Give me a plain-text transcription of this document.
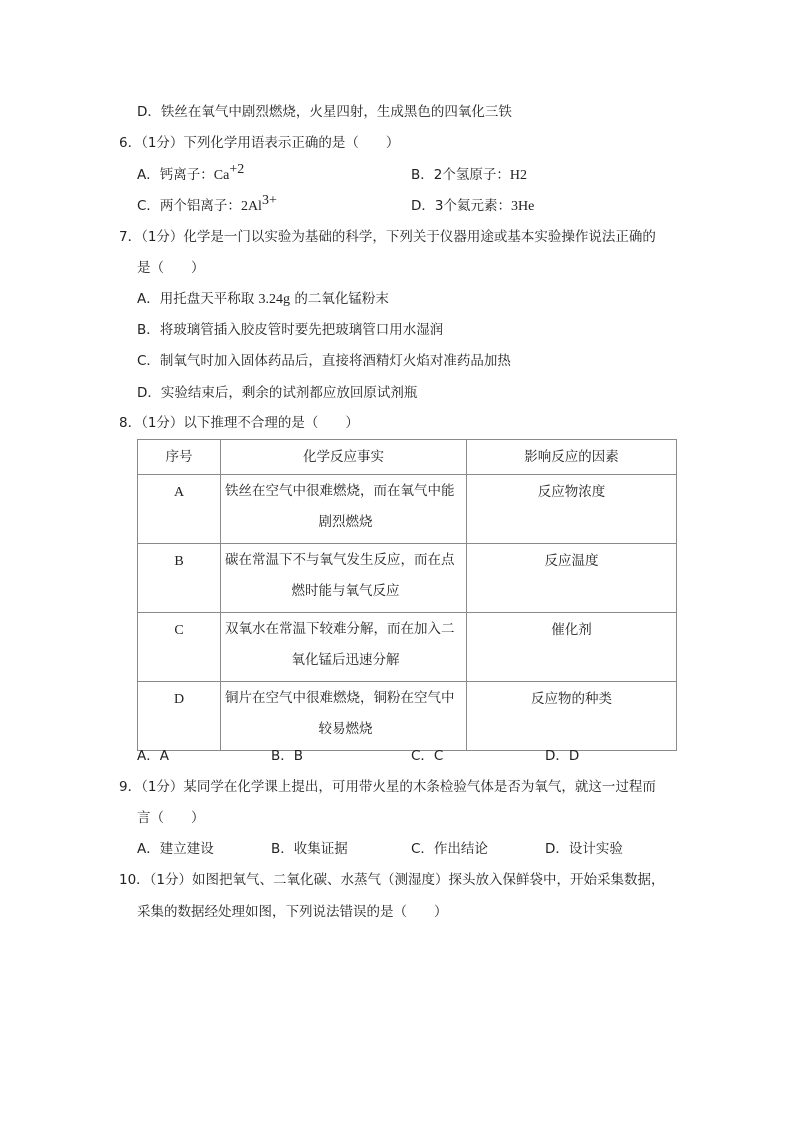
D．铁丝在氧气中剧烈燃烧，火星四射，生成黑色的四氧化三铁
6．（1分）下列化学用语表示正确的是（　　）
A．钙离子：$Ca^{+2}$	B．2个氢原子：H2
C．两个铝离子：$2Al^{3+}$	D．3个氦元素：3He
7．（1分）化学是一门以实验为基础的科学，下列关于仪器用途或基本实验操作说法正确的
是（　　）
A．用托盘天平称取 3.24g 的二氧化锰粉末
B．将玻璃管插入胶皮管时要先把玻璃管口用水湿润
C．制氧气时加入固体药品后，直接将酒精灯火焰对准药品加热
D．实验结束后，剩余的试剂都应放回原试剂瓶
8．（1分）以下推理不合理的是（　　）
序号	化学反应事实	影响反应的因素
A	铁丝在空气中很难燃烧，而在氧气中能
剧烈燃烧	反应物浓度
B	碳在常温下不与氧气发生反应，而在点
燃时能与氧气反应	反应温度
C	双氧水在常温下较难分解，而在加入二
氧化锰后迅速分解	催化剂
D	铜片在空气中很难燃烧，铜粉在空气中
较易燃烧	反应物的种类
A．A	B．B	C．C	D．D
9．（1分）某同学在化学课上提出，可用带火星的木条检验气体是否为氧气，就这一过程而
言（　　）
A．建立建设	B．收集证据	C．作出结论	D．设计实验
10．（1分）如图把氧气、二氧化碳、水蒸气（测湿度）探头放入保鲜袋中，开始采集数据，
采集的数据经处理如图，下列说法错误的是（　　）
